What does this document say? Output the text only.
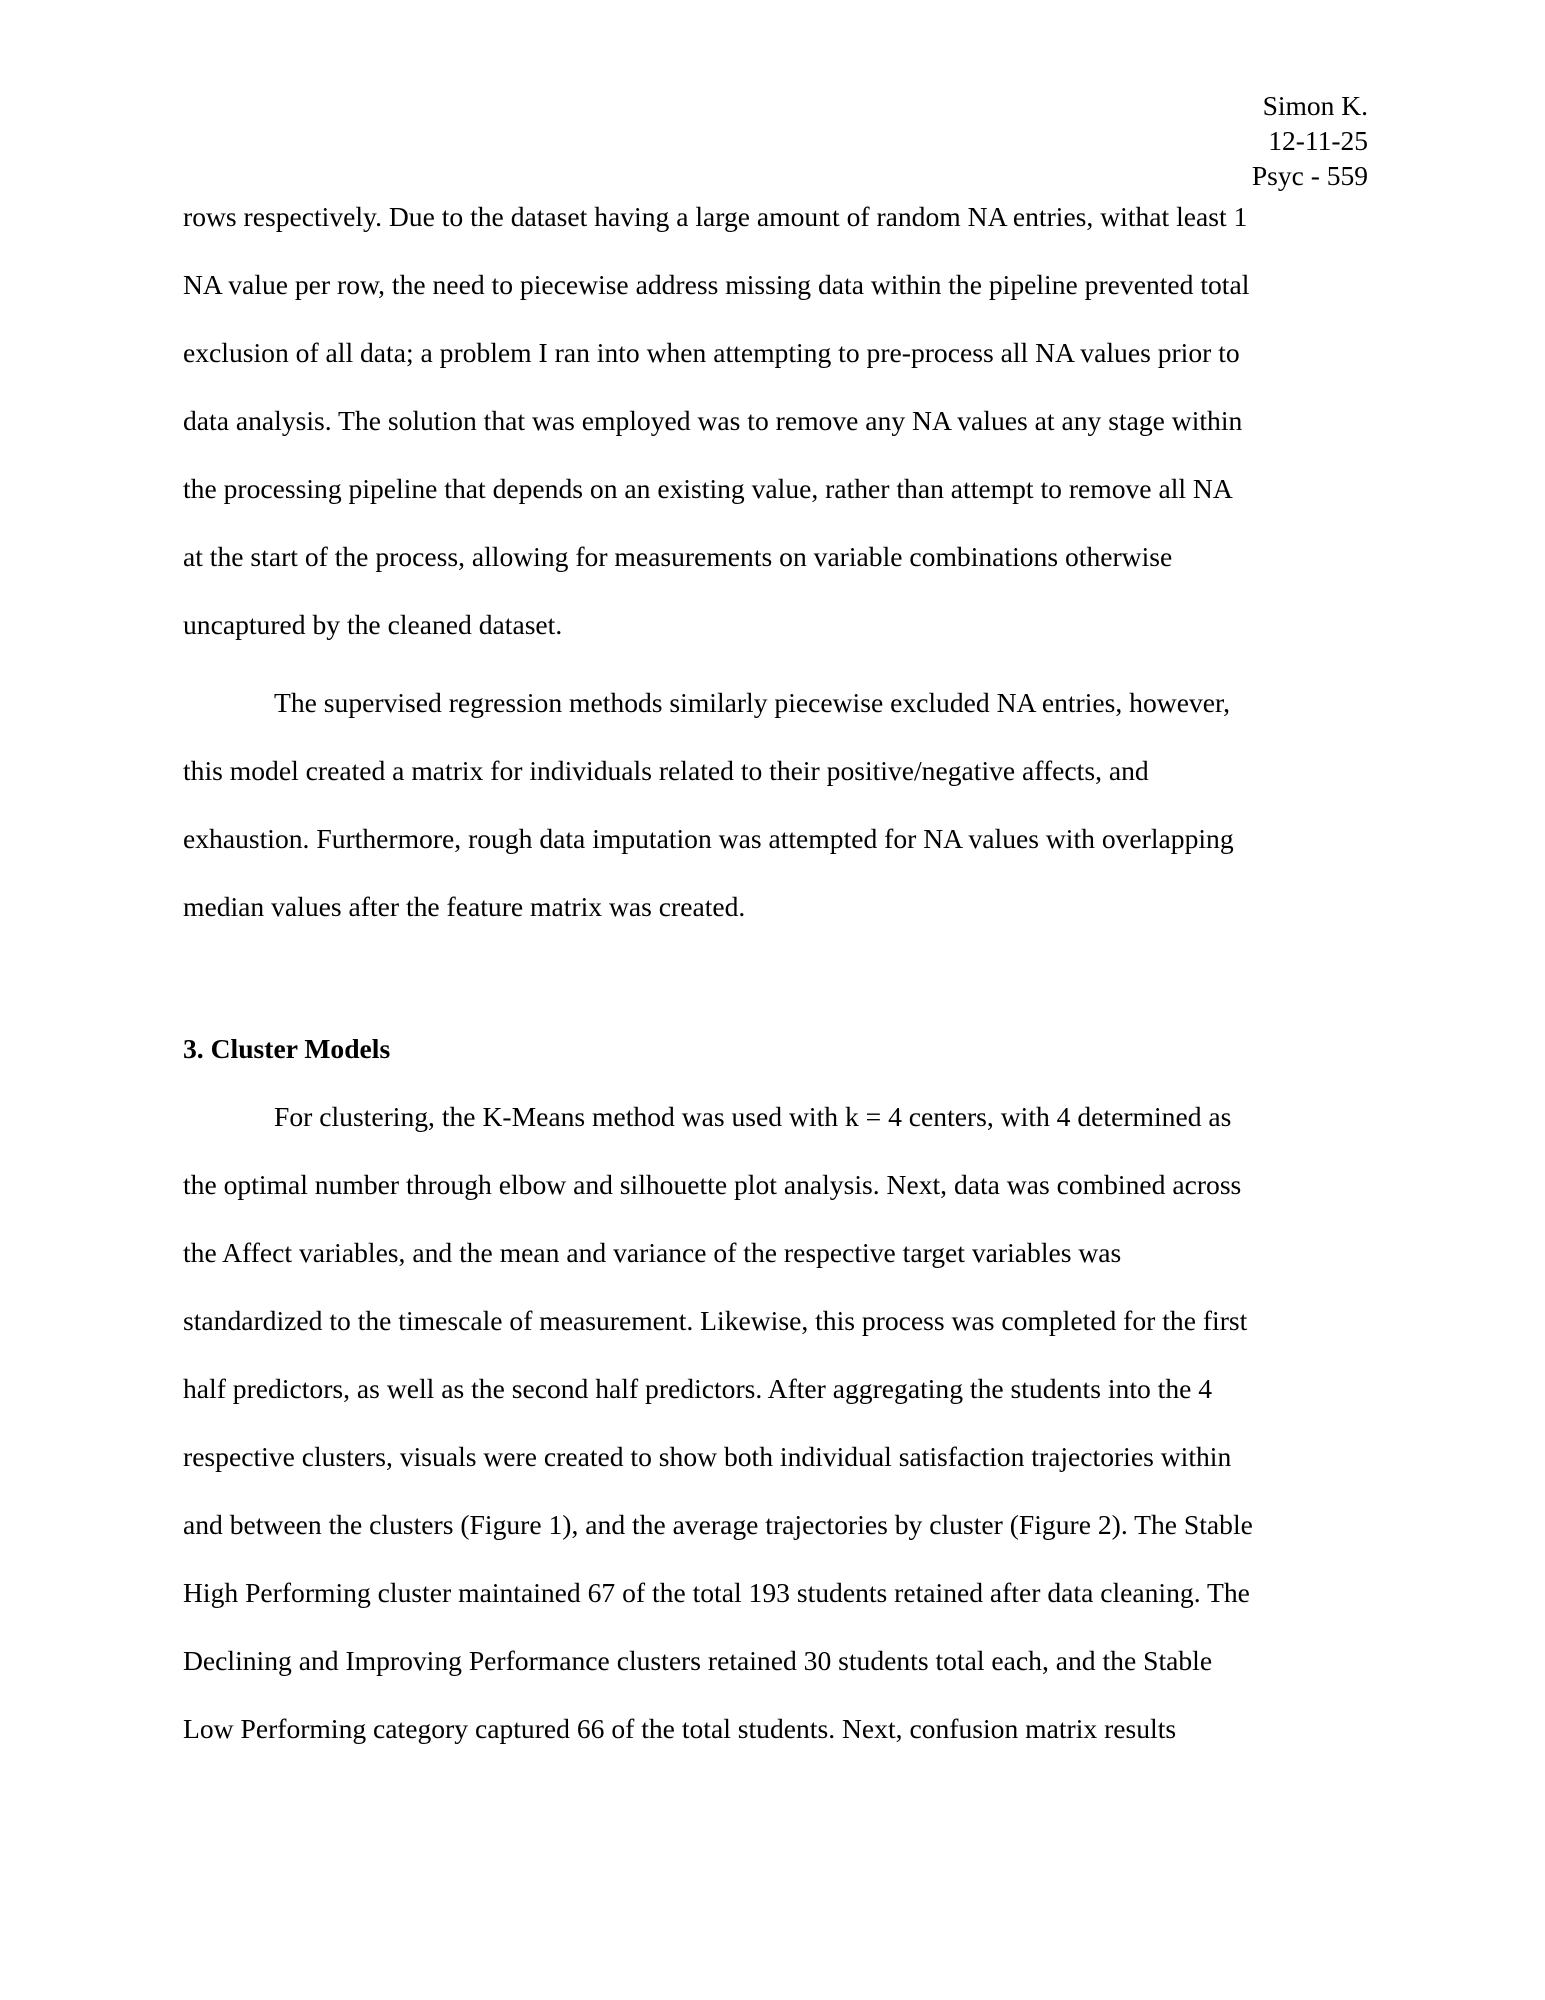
Simon K.
12-11-25
Psyc - 559
rows respectively. Due to the dataset having a large amount of random NA entries, withat least 1
NA value per row, the need to piecewise address missing data within the pipeline prevented total
exclusion of all data; a problem I ran into when attempting to pre-process all NA values prior to
data analysis. The solution that was employed was to remove any NA values at any stage within
the processing pipeline that depends on an existing value, rather than attempt to remove all NA
at the start of the process, allowing for measurements on variable combinations otherwise
uncaptured by the cleaned dataset.
The supervised regression methods similarly piecewise excluded NA entries, however,
this model created a matrix for individuals related to their positive/negative affects, and
exhaustion. Furthermore, rough data imputation was attempted for NA values with overlapping
median values after the feature matrix was created.
3. Cluster Models
For clustering, the K-Means method was used with k = 4 centers, with 4 determined as
the optimal number through elbow and silhouette plot analysis. Next, data was combined across
the Affect variables, and the mean and variance of the respective target variables was
standardized to the timescale of measurement. Likewise, this process was completed for the first
half predictors, as well as the second half predictors. After aggregating the students into the 4
respective clusters, visuals were created to show both individual satisfaction trajectories within
and between the clusters (Figure 1), and the average trajectories by cluster (Figure 2). The Stable
High Performing cluster maintained 67 of the total 193 students retained after data cleaning. The
Declining and Improving Performance clusters retained 30 students total each, and the Stable
Low Performing category captured 66 of the total students. Next, confusion matrix results
